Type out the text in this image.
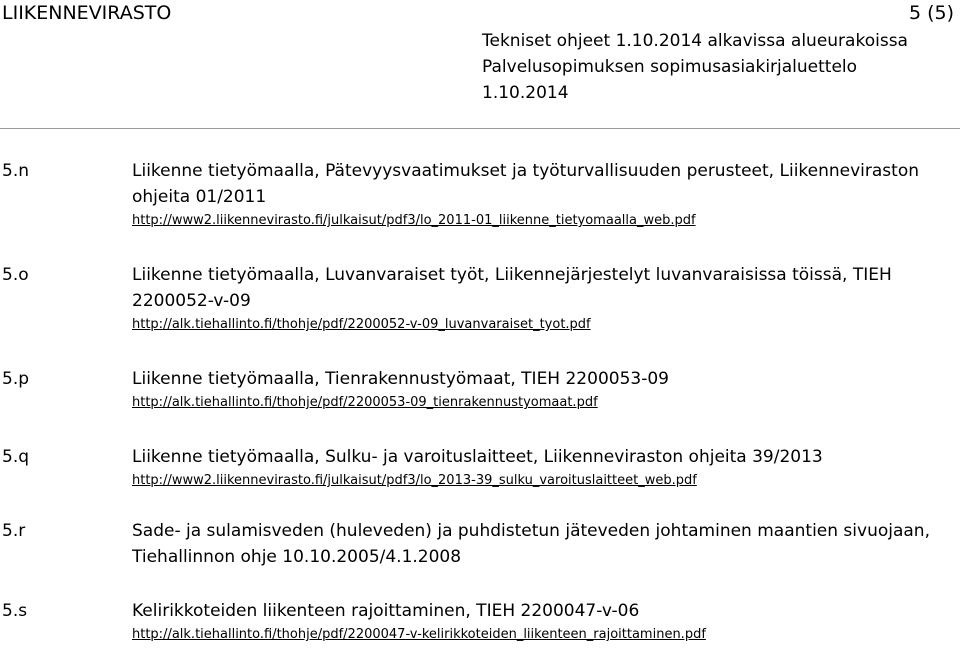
LIIKENNEVIRASTO	5 (5)
Tekniset ohjeet 1.10.2014 alkavissa alueurakoissa
Palvelusopimuksen sopimusasiakirjaluettelo
1.10.2014
5.n	Liikenne tietyömaalla, Pätevyysvaatimukset ja työturvallisuuden perusteet, Liikenneviraston ohjeita 01/2011
http://www2.liikennevirasto.fi/julkaisut/pdf3/lo_2011-01_liikenne_tietyomaalla_web.pdf
5.o	Liikenne tietyömaalla, Luvanvaraiset työt, Liikennejärjestelyt luvanvaraisissa töissä, TIEH 2200052-v-09
http://alk.tiehallinto.fi/thohje/pdf/2200052-v-09_luvanvaraiset_tyot.pdf
5.p	Liikenne tietyömaalla, Tienrakennustyömaat, TIEH 2200053-09
http://alk.tiehallinto.fi/thohje/pdf/2200053-09_tienrakennustyomaat.pdf
5.q	Liikenne tietyömaalla, Sulku- ja varoituslaitteet, Liikenneviraston ohjeita 39/2013
http://www2.liikennevirasto.fi/julkaisut/pdf3/lo_2013-39_sulku_varoituslaitteet_web.pdf
5.r	Sade- ja sulamisveden (huleveden) ja puhdistetun jäteveden johtaminen maantien sivuojaan, Tiehallinnon ohje 10.10.2005/4.1.2008
5.s	Kelirikkoteiden liikenteen rajoittaminen, TIEH 2200047-v-06
http://alk.tiehallinto.fi/thohje/pdf/2200047-v-kelirikkoteiden_liikenteen_rajoittaminen.pdf
